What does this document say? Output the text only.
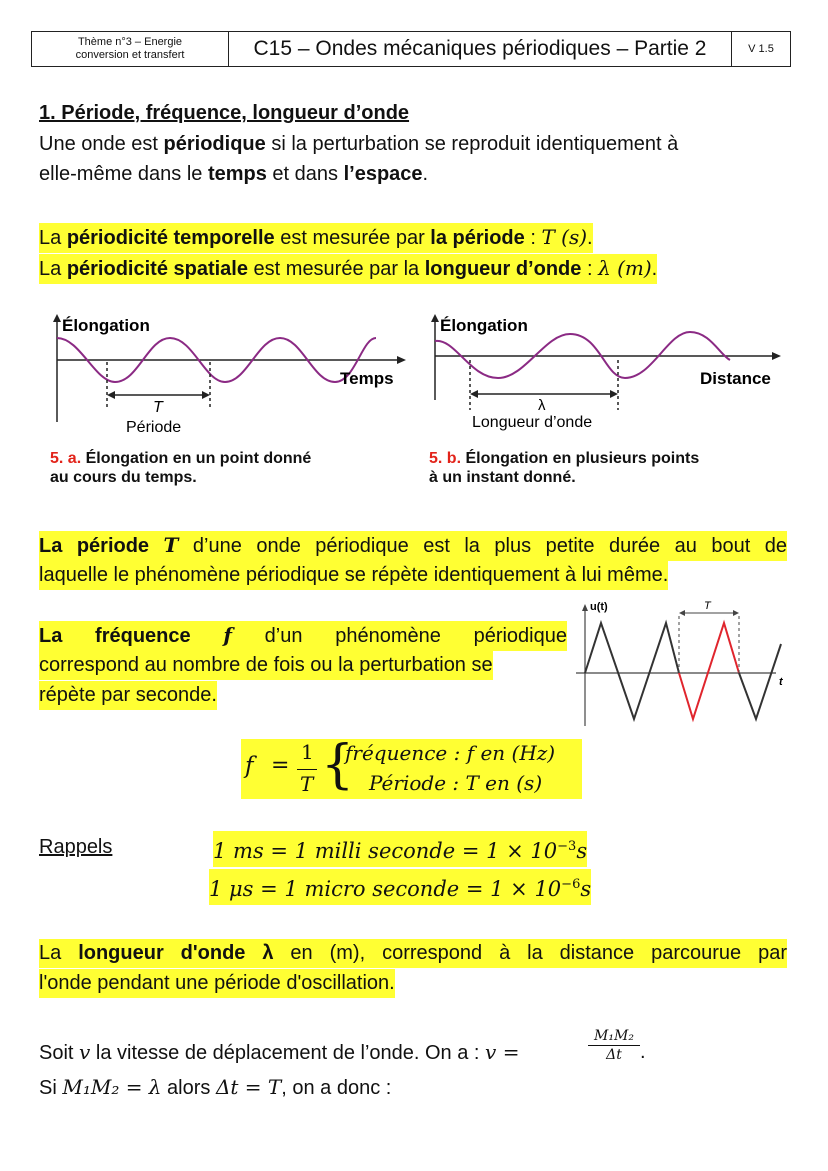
Thème n°3 – Energie
conversion et transfert	C15 – Ondes mécaniques périodiques – Partie 2	V 1.5
1. Période, fréquence, longueur d’onde
Une onde est périodique si la perturbation se reproduit identiquement à
elle-même dans le temps et dans l’espace.
La périodicité temporelle est mesurée par la période : T (s).
La périodicité spatiale est mesurée par la longueur d’onde : λ (m).
Élongation
Temps
T
Période
5. a. Élongation en un point donné
au cours du temps.
Élongation
Distance
λ
Longueur d’onde
5. b. Élongation en plusieurs points
à un instant donné.
La période T d’une onde périodique est la plus petite durée au bout de
laquelle le phénomène périodique se répète identiquement à lui même.
La fréquence f d’un phénomène périodique
correspond au nombre de fois ou la perturbation se
répète par seconde.
u(t)
t
T
f =
1
T {
fréquence : f en (Hz)
Période : T en (s)
Rappels	1 ms = 1 milli seconde = $1 \times 10^{-3}s$
1 μs = 1 micro seconde = $1 \times 10^{-6}s$
La longueur d'onde λ en (m), correspond à la distance parcourue par
l'onde pendant une période d'oscillation.
Soit v la vitesse de déplacement de l’onde. On a : v =	$\frac{\text{M₁M₂}}{\Delta t}$ .
Si M₁M₂ = λ alors Δt = T, on a donc :
